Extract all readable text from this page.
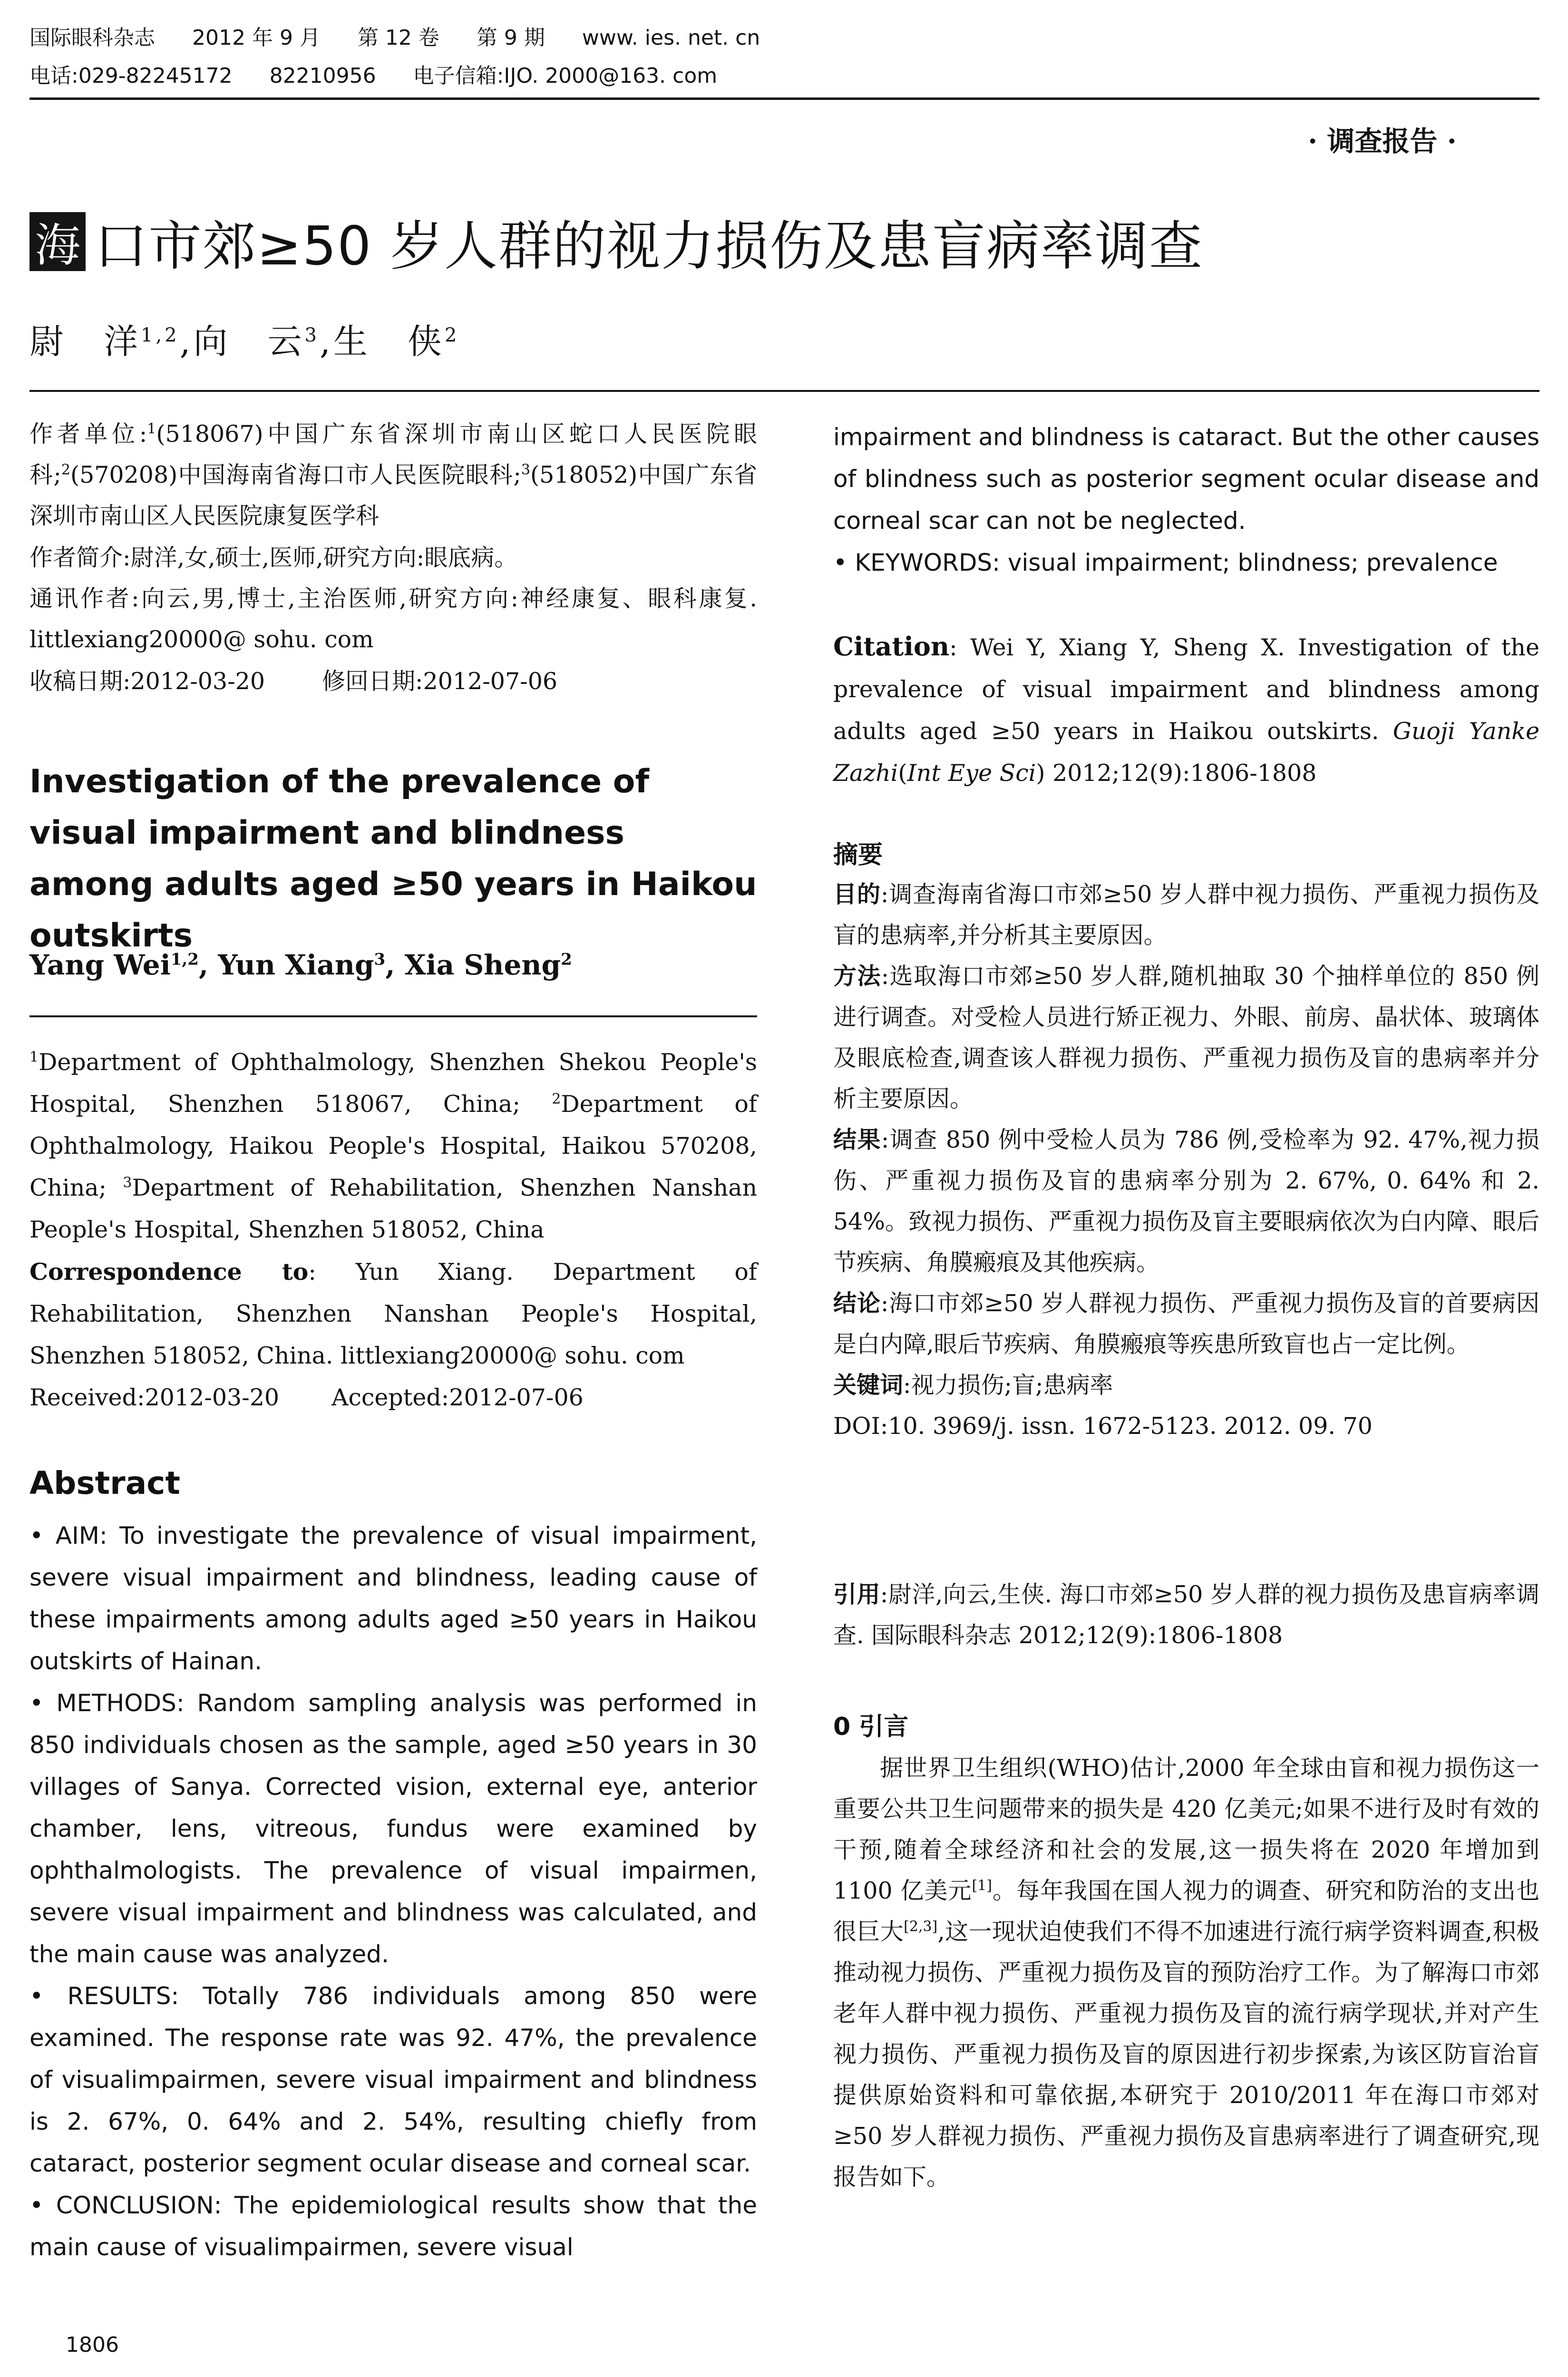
国际眼科杂志 2012 年 9 月 第 12 卷 第 9 期 www. ies. net. cn
电话:029-82245172 82210956 电子信箱:IJO. 2000@163. com
· 调查报告 ·
海 口市郊≥50 岁人群的视力损伤及患盲病率调查
尉　洋$^{1,2}$,向　云$^3$,生　侠$^2$
作者单位:$^1$(518067)中国广东省深圳市南山区蛇口人民医院眼科;$^2$(570208)中国海南省海口市人民医院眼科;$^3$(518052)中国广东省深圳市南山区人民医院康复医学科
作者简介:尉洋,女,硕士,医师,研究方向:眼底病。
通讯作者:向云,男,博士,主治医师,研究方向:神经康复、眼科康复. littlexiang20000@ sohu. com
收稿日期:2012-03-20 修回日期:2012-07-06
Investigation of the prevalence of visual impairment and blindness among adults aged ≥50 years in Haikou outskirts
Yang Wei$^{1,2}$, Yun Xiang$^3$, Xia Sheng$^2$
$^1$Department of Ophthalmology, Shenzhen Shekou People's Hospital, Shenzhen 518067, China; $^2$Department of Ophthalmology, Haikou People's Hospital, Haikou 570208, China; $^3$Department of Rehabilitation, Shenzhen Nanshan People's Hospital, Shenzhen 518052, China
Correspondence to: Yun Xiang. Department of Rehabilitation, Shenzhen Nanshan People's Hospital, Shenzhen 518052, China. littlexiang20000@ sohu. com
Received:2012-03-20 Accepted:2012-07-06
Abstract

• AIM: To investigate the prevalence of visual impairment, severe visual impairment and blindness, leading cause of these impairments among adults aged ≥50 years in Haikou outskirts of Hainan.

• METHODS: Random sampling analysis was performed in 850 individuals chosen as the sample, aged ≥50 years in 30 villages of Sanya. Corrected vision, external eye, anterior chamber, lens, vitreous, fundus were examined by ophthalmologists. The prevalence of visual impairmen, severe visual impairment and blindness was calculated, and the main cause was analyzed.

• RESULTS: Totally 786 individuals among 850 were examined. The response rate was 92. 47%, the prevalence of visualimpairmen, severe visual impairment and blindness is 2. 67%, 0. 64% and 2. 54%, resulting chiefly from cataract, posterior segment ocular disease and corneal scar.

• CONCLUSION: The epidemiological results show that the main cause of visualimpairmen, severe visual

1806

impairment and blindness is cataract. But the other causes of blindness such as posterior segment ocular disease and corneal scar can not be neglected.

• KEYWORDS: visual impairment; blindness; prevalence

Citation: Wei Y, Xiang Y, Sheng X. Investigation of the prevalence of visual impairment and blindness among adults aged ≥50 years in Haikou outskirts. Guoji Yanke Zazhi(Int Eye Sci) 2012;12(9):1806-1808
摘要

目的:调查海南省海口市郊≥50 岁人群中视力损伤、严重视力损伤及盲的患病率,并分析其主要原因。

方法:选取海口市郊≥50 岁人群,随机抽取 30 个抽样单位的 850 例进行调查。对受检人员进行矫正视力、外眼、前房、晶状体、玻璃体及眼底检查,调查该人群视力损伤、严重视力损伤及盲的患病率并分析主要原因。

结果:调查 850 例中受检人员为 786 例,受检率为 92. 47%,视力损伤、严重视力损伤及盲的患病率分别为 2. 67%, 0. 64% 和 2. 54%。致视力损伤、严重视力损伤及盲主要眼病依次为白内障、眼后节疾病、角膜瘢痕及其他疾病。

结论:海口市郊≥50 岁人群视力损伤、严重视力损伤及盲的首要病因是白内障,眼后节疾病、角膜瘢痕等疾患所致盲也占一定比例。

关键词:视力损伤;盲;患病率

DOI:10. 3969/j. issn. 1672-5123. 2012. 09. 70

引用:尉洋,向云,生侠. 海口市郊≥50 岁人群的视力损伤及患盲病率调查. 国际眼科杂志 2012;12(9):1806-1808
0 引言
据世界卫生组织(WHO)估计,2000 年全球由盲和视力损伤这一重要公共卫生问题带来的损失是 420 亿美元;如果不进行及时有效的干预,随着全球经济和社会的发展,这一损失将在 2020 年增加到 1100 亿美元[1]。每年我国在国人视力的调查、研究和防治的支出也很巨大[2,3],这一现状迫使我们不得不加速进行流行病学资料调查,积极推动视力损伤、严重视力损伤及盲的预防治疗工作。为了解海口市郊老年人群中视力损伤、严重视力损伤及盲的流行病学现状,并对产生视力损伤、严重视力损伤及盲的原因进行初步探索,为该区防盲治盲提供原始资料和可靠依据,本研究于 2010/2011 年在海口市郊对≥50 岁人群视力损伤、严重视力损伤及盲患病率进行了调查研究,现报告如下。
